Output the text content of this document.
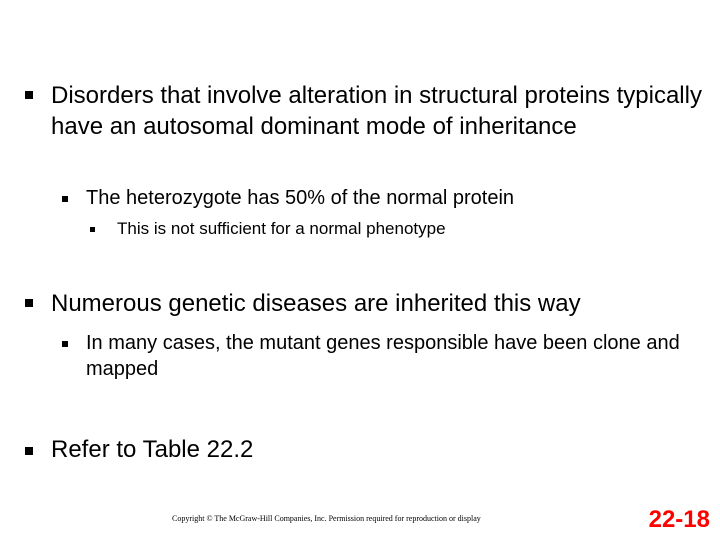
Disorders that involve alteration in structural proteins typically have an autosomal dominant mode of inheritance
The heterozygote has 50% of the normal protein
This is not sufficient for a normal phenotype
Numerous genetic diseases are inherited this way
In many cases, the mutant genes responsible have been clone and mapped
Refer to Table 22.2
Copyright © The McGraw-Hill Companies, Inc. Permission required for reproduction or display	22-18
